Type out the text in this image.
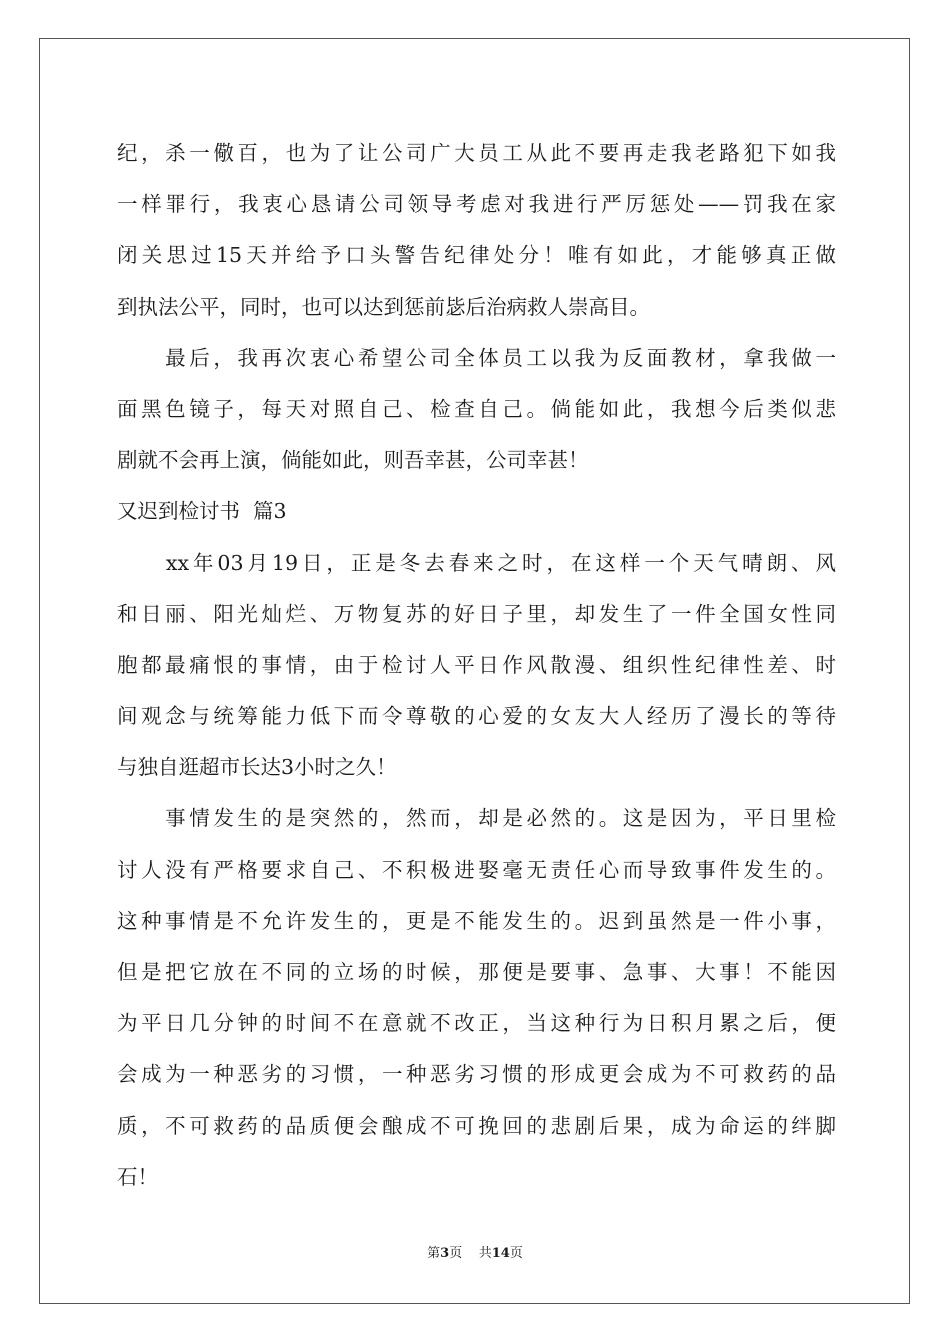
纪，杀一儆百，也为了让公司广大员工从此不要再走我老路犯下如我
一样罪行，我衷心恳请公司领导考虑对我进行严厉惩处——罚我在家
闭关思过15天并给予口头警告纪律处分！唯有如此，才能够真正做
到执法公平，同时，也可以达到惩前毖后治病救人崇高目。
　　最后，我再次衷心希望公司全体员工以我为反面教材，拿我做一
面黑色镜子，每天对照自己、检查自己。倘能如此，我想今后类似悲
剧就不会再上演，倘能如此，则吾幸甚，公司幸甚！
又迟到检讨书  篇3
　　xx年03月19日，正是冬去春来之时，在这样一个天气晴朗、风
和日丽、阳光灿烂、万物复苏的好日子里，却发生了一件全国女性同
胞都最痛恨的事情，由于检讨人平日作风散漫、组织性纪律性差、时
间观念与统筹能力低下而令尊敬的心爱的女友大人经历了漫长的等待
与独自逛超市长达3小时之久！
　　事情发生的是突然的，然而，却是必然的。这是因为，平日里检
讨人没有严格要求自己、不积极进娶毫无责任心而导致事件发生的。
这种事情是不允许发生的，更是不能发生的。迟到虽然是一件小事，
但是把它放在不同的立场的时候，那便是要事、急事、大事！不能因
为平日几分钟的时间不在意就不改正，当这种行为日积月累之后，便
会成为一种恶劣的习惯，一种恶劣习惯的形成更会成为不可救药的品
质，不可救药的品质便会酿成不可挽回的悲剧后果，成为命运的绊脚
石！
第3页 共14页
